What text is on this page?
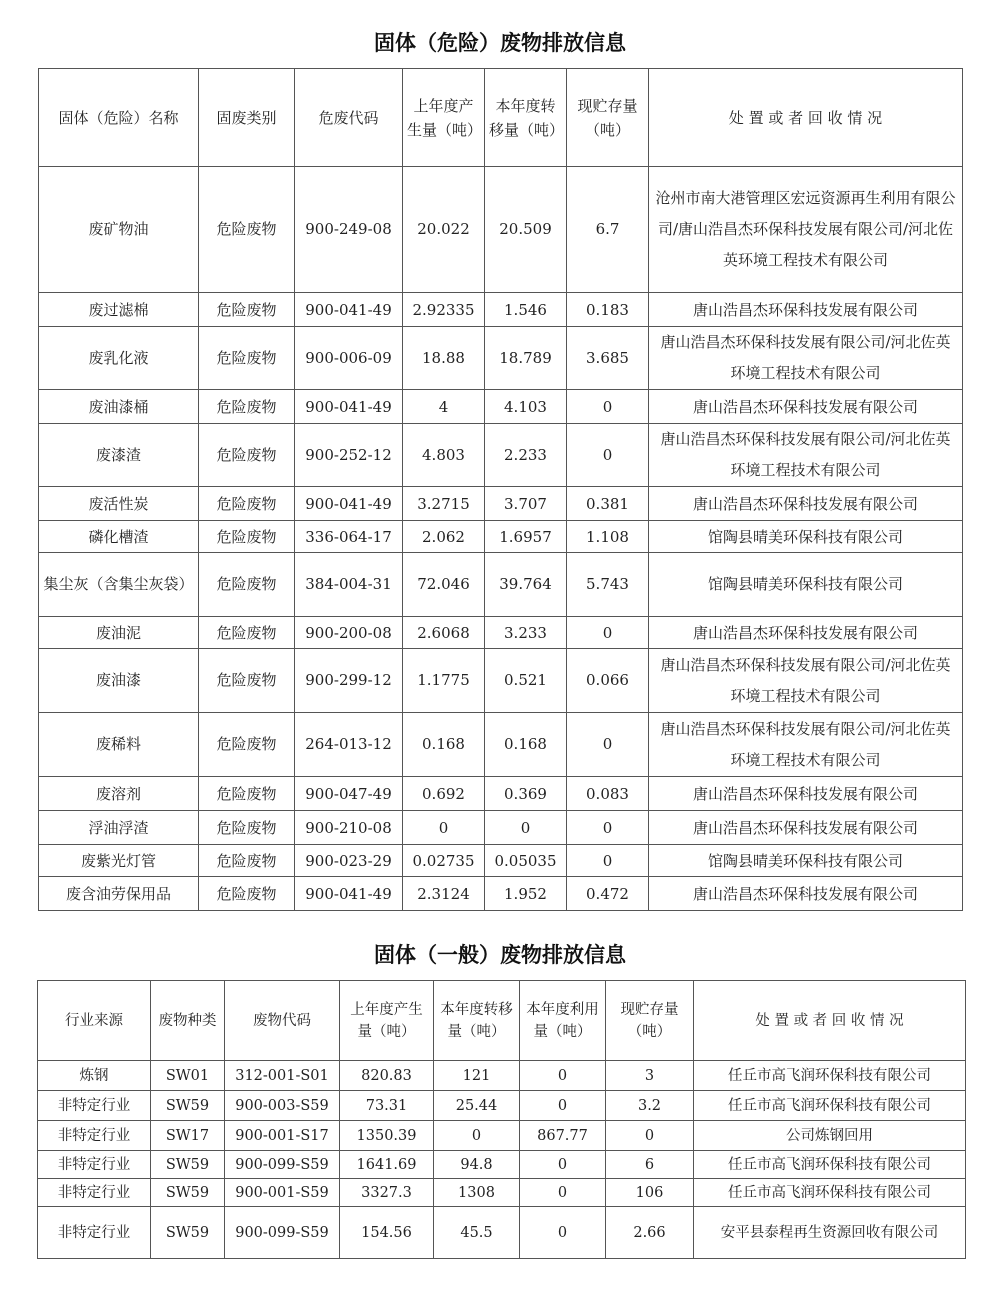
固体（危险）废物排放信息
固体（危险）名称	固废类别	危废代码	上年度产生量（吨）	本年度转移量（吨）	现贮存量（吨）	处 置 或 者 回 收 情 况
废矿物油	危险废物	900-249-08	20.022	20.509	6.7	沧州市南大港管理区宏远资源再生利用有限公司/唐山浩昌杰环保科技发展有限公司/河北佐英环境工程技术有限公司
废过滤棉	危险废物	900-041-49	2.92335	1.546	0.183	唐山浩昌杰环保科技发展有限公司
废乳化液	危险废物	900-006-09	18.88	18.789	3.685	唐山浩昌杰环保科技发展有限公司/河北佐英环境工程技术有限公司
废油漆桶	危险废物	900-041-49	4	4.103	0	唐山浩昌杰环保科技发展有限公司
废漆渣	危险废物	900-252-12	4.803	2.233	0	唐山浩昌杰环保科技发展有限公司/河北佐英环境工程技术有限公司
废活性炭	危险废物	900-041-49	3.2715	3.707	0.381	唐山浩昌杰环保科技发展有限公司
磷化槽渣	危险废物	336-064-17	2.062	1.6957	1.108	馆陶县晴美环保科技有限公司
集尘灰（含集尘灰袋）	危险废物	384-004-31	72.046	39.764	5.743	馆陶县晴美环保科技有限公司
废油泥	危险废物	900-200-08	2.6068	3.233	0	唐山浩昌杰环保科技发展有限公司
废油漆	危险废物	900-299-12	1.1775	0.521	0.066	唐山浩昌杰环保科技发展有限公司/河北佐英环境工程技术有限公司
废稀料	危险废物	264-013-12	0.168	0.168	0	唐山浩昌杰环保科技发展有限公司/河北佐英环境工程技术有限公司
废溶剂	危险废物	900-047-49	0.692	0.369	0.083	唐山浩昌杰环保科技发展有限公司
浮油浮渣	危险废物	900-210-08	0	0	0	唐山浩昌杰环保科技发展有限公司
废紫光灯管	危险废物	900-023-29	0.02735	0.05035	0	馆陶县晴美环保科技有限公司
废含油劳保用品	危险废物	900-041-49	2.3124	1.952	0.472	唐山浩昌杰环保科技发展有限公司
固体（一般）废物排放信息
行业来源	废物种类	废物代码	上年度产生量（吨）	本年度转移量（吨）	本年度利用量（吨）	现贮存量（吨）	处 置 或 者 回 收 情 况
炼钢	SW01	312-001-S01	820.83	121	0	3	任丘市高飞润环保科技有限公司
非特定行业	SW59	900-003-S59	73.31	25.44	0	3.2	任丘市高飞润环保科技有限公司
非特定行业	SW17	900-001-S17	1350.39	0	867.77	0	公司炼钢回用
非特定行业	SW59	900-099-S59	1641.69	94.8	0	6	任丘市高飞润环保科技有限公司
非特定行业	SW59	900-001-S59	3327.3	1308	0	106	任丘市高飞润环保科技有限公司
非特定行业	SW59	900-099-S59	154.56	45.5	0	2.66	安平县泰程再生资源回收有限公司
